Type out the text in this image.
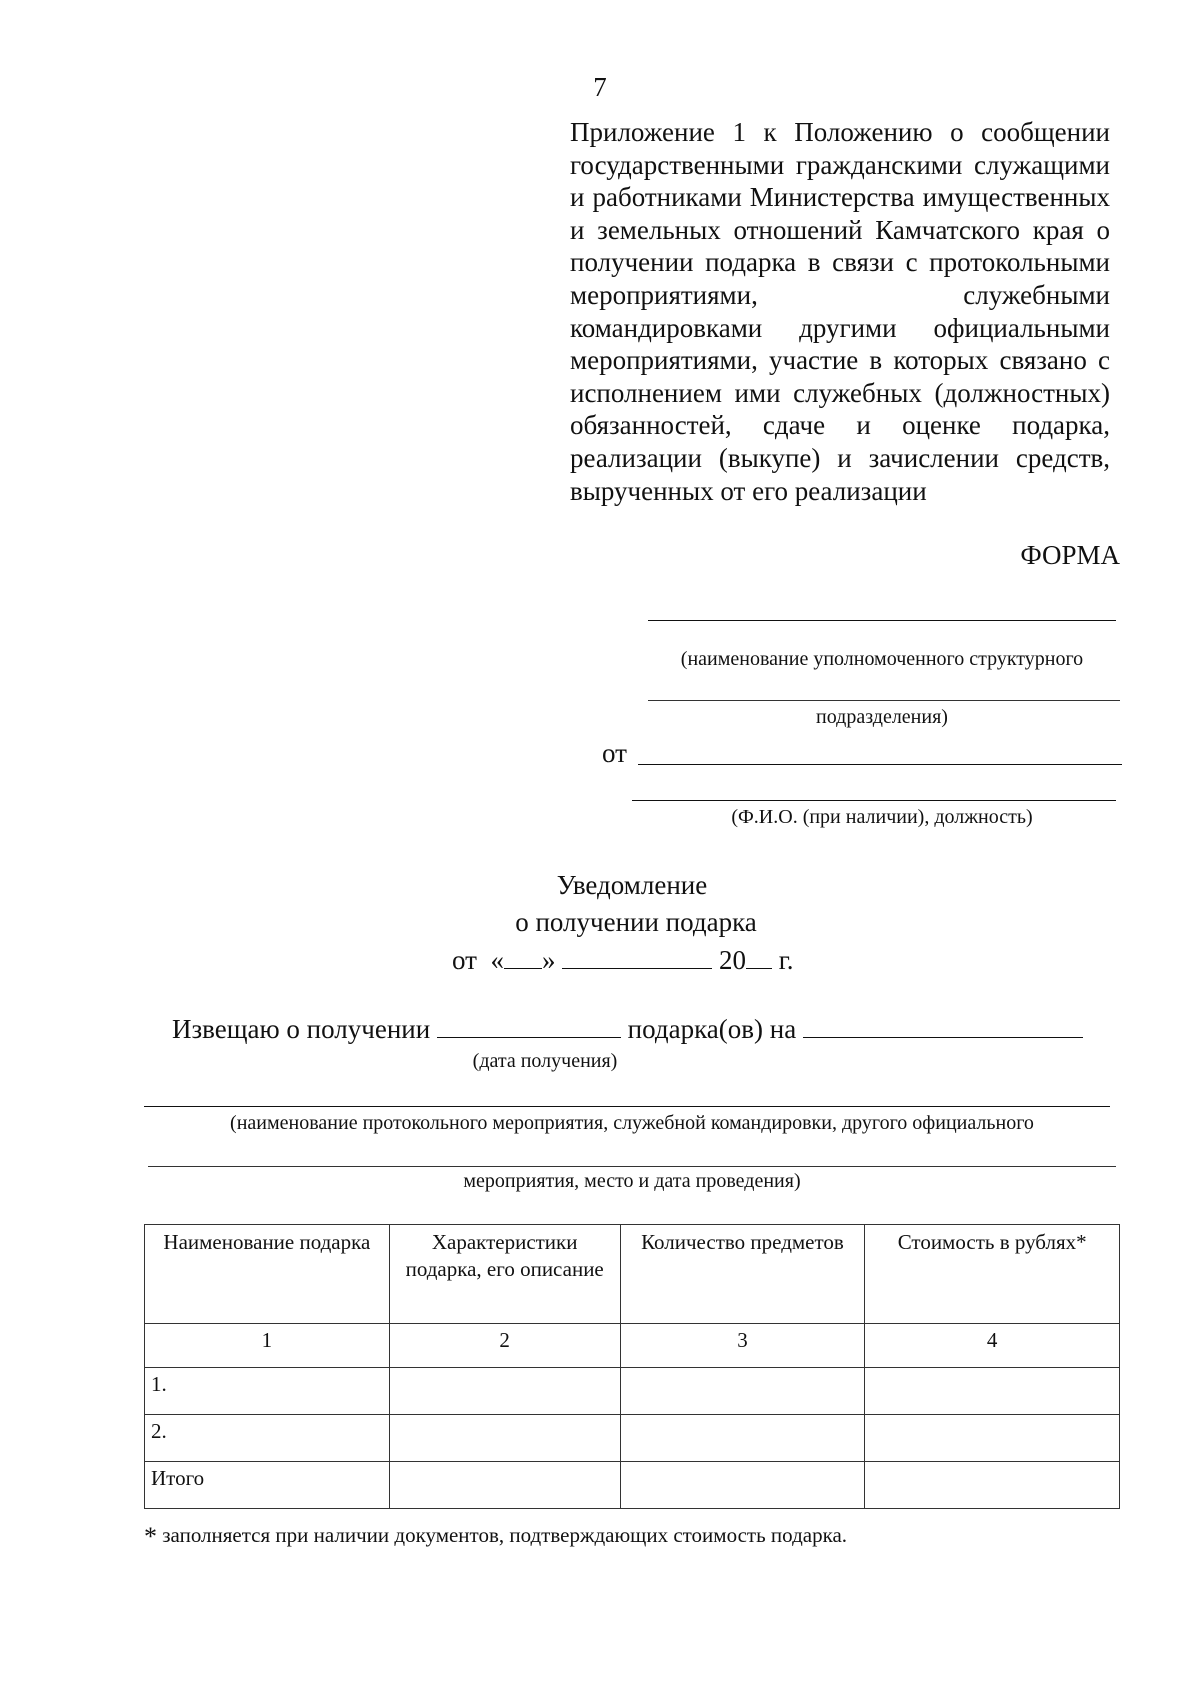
7
Приложение 1 к Положению о сообщении государственными гражданскими служащими и работниками Министерства имущественных и земельных отношений Камчатского края о получении подарка в связи с протокольными мероприятиями, служебными командировками другими официальными мероприятиями, участие в которых связано с исполнением ими служебных (должностных) обязанностей, сдаче и оценке подарка, реализации (выкупе) и зачислении средств, вырученных от его реализации
ФОРМА
(наименование уполномоченного структурного
подразделения)
от
(Ф.И.О. (при наличии), должность)
Уведомление
о получении подарка
от « »	20 г.
Извещаю о получении	подарка(ов) на
(дата получения)
(наименование протокольного мероприятия, служебной командировки, другого официального
мероприятия, место и дата проведения)
Наименование подарка	Характеристики подарка, его описание	Количество предметов	Стоимость в рублях*
1	2	3	4
1.			
2.			
Итого			
* заполняется при наличии документов, подтверждающих стоимость подарка.
